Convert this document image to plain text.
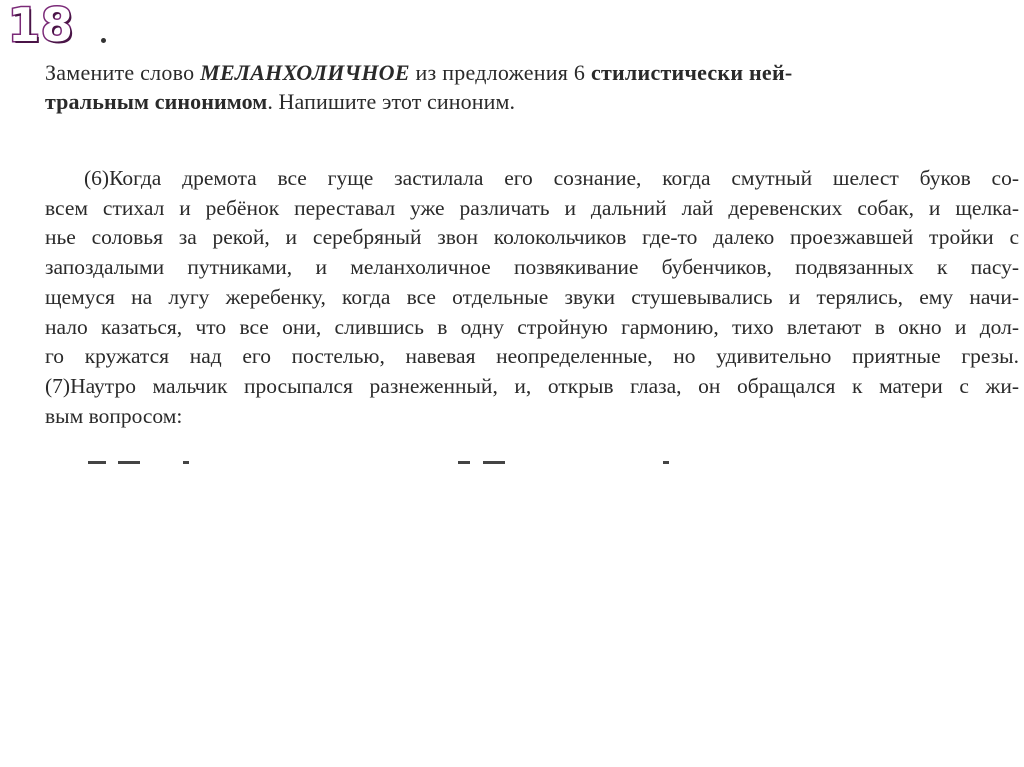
18
Замените слово МЕЛАНХОЛИЧНОЕ из предложения 6 стилистически ней-
тральным синонимом. Напишите этот синоним.
(6)Когда дремота все гуще застилала его сознание, когда смутный шелест буков со-
всем стихал и ребёнок переставал уже различать и дальний лай деревенских собак, и щелка-
нье соловья за рекой, и серебряный звон колокольчиков где-то далеко проезжавшей тройки с
запоздалыми путниками, и меланхоличное позвякивание бубенчиков, подвязанных к пасу-
щемуся на лугу жеребенку, когда все отдельные звуки стушевывались и терялись, ему начи-
нало казаться, что все они, слившись в одну стройную гармонию, тихо влетают в окно и дол-
го кружатся над его постелью, навевая неопределенные, но удивительно приятные грезы.
(7)Наутро мальчик просыпался разнеженный, и, открыв глаза, он обращался к матери с жи-
вым вопросом:
